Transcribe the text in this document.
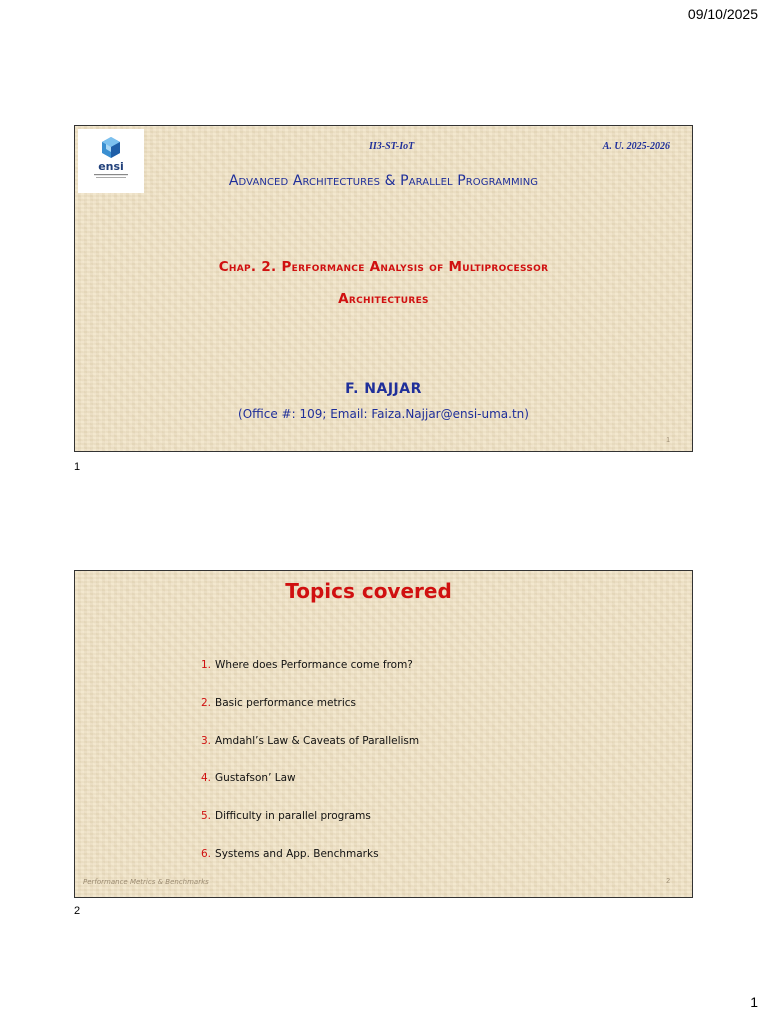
09/10/2025
ensi
II3-ST-IoT	A. U. 2025-2026
Advanced Architectures & Parallel Programming
Chap. 2. Performance Analysis of Multiprocessor
Architectures
F. NAJJAR
(Office #: 109; Email: Faiza.Najjar@ensi-uma.tn)
1
1
Topics covered
1. Where does Performance come from?
2. Basic performance metrics
3. Amdahl’s Law & Caveats of Parallelism
4. Gustafson’ Law
5. Difficulty in parallel programs
6. Systems and App. Benchmarks
Performance Metrics & Benchmarks	2
2
1
